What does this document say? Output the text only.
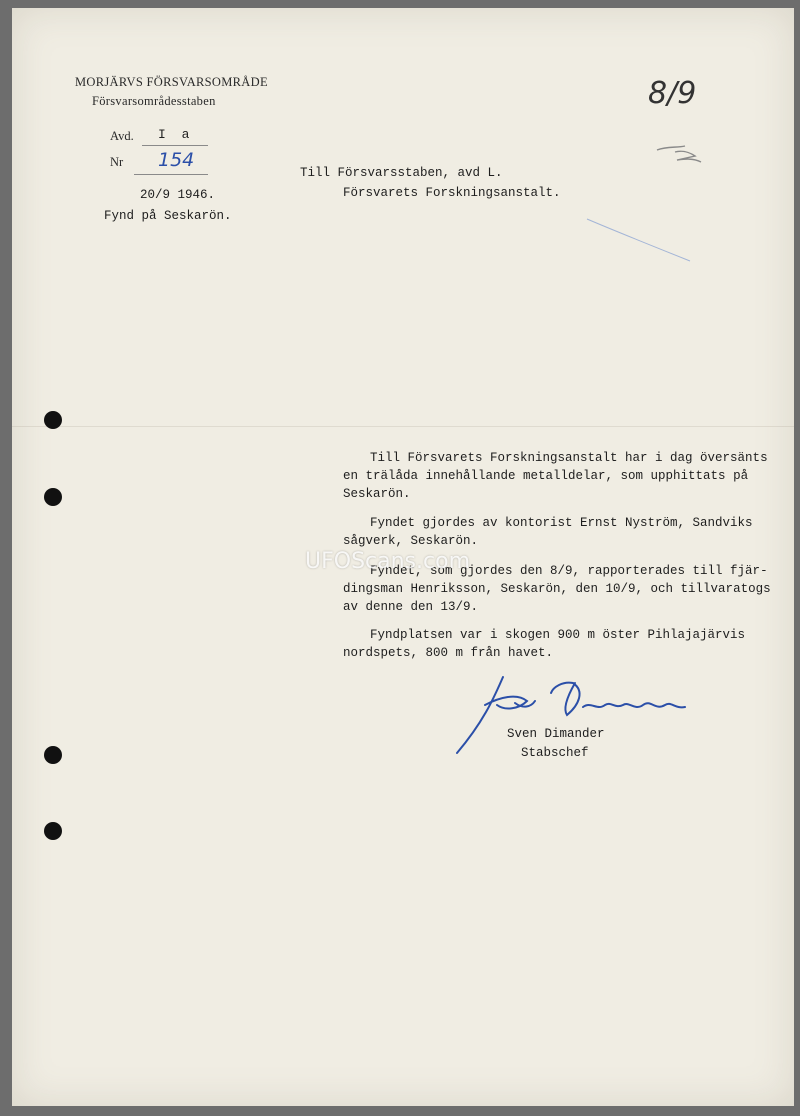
MORJÄRVS FÖRSVARSOMRÅDE
Försvarsområdesstaben
Avd. I a
Nr 154
20/9 1946.
Fynd på Seskarön.
Till Försvarsstaben, avd L.
Försvarets Forskningsanstalt.
8/9
Till Försvarets Forskningsanstalt har i dag översänts
en trälåda innehållande metalldelar, som upphittats på
Seskarön.
Fyndet gjordes av kontorist Ernst Nyström, Sandviks
sågverk, Seskarön.
Fyndet, som gjordes den 8/9, rapporterades till fjär-
dingsman Henriksson, Seskarön, den 10/9, och tillvaratogs
av denne den 13/9.
Fyndplatsen var i skogen 900 m öster Pihlajajärvis
nordspets, 800 m från havet.
UFOScans.com
Sven Dimander
Stabschef
